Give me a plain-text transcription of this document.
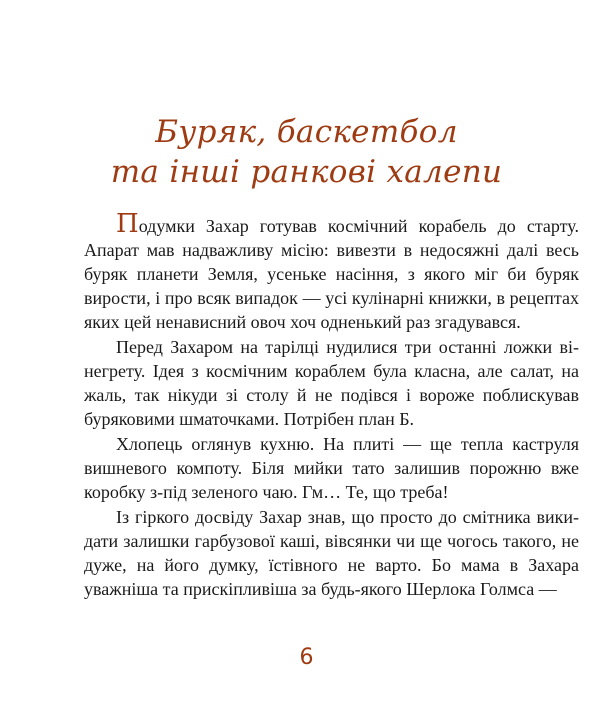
Буряк, баскетбол
та інші ранкові халепи

Подумки Захар готував космічний корабель до старту. Апарат мав надважливу місію: вивезти в недосяжні далі весь буряк планети Земля, усеньке насіння, з якого міг би буряк вирости, і про всяк випадок — усі кулінарні книжки, в рецептах яких цей ненависний овоч хоч одненький раз згадувався.

Перед Захаром на тарілці нудилися три останні ложки вінегрету. Ідея з космічним кораблем була класна, але салат, на жаль, так нікуди зі столу й не подівся і вороже поблискував буряковими шматочками. Потрібен план Б.

Хлопець оглянув кухню. На плиті — ще тепла каструля вишневого компоту. Біля мийки тато залишив порожню вже коробку з-під зеленого чаю. Гм… Те, що треба!

Із гіркого досвіду Захар знав, що просто до смітника викидати залишки гарбузової каші, вівсянки чи ще чогось такого, не дуже, на його думку, їстівного не варто. Бо мама в Захара уважніша та прискіпливіша за будь-якого Шерлока Голмса —

6
